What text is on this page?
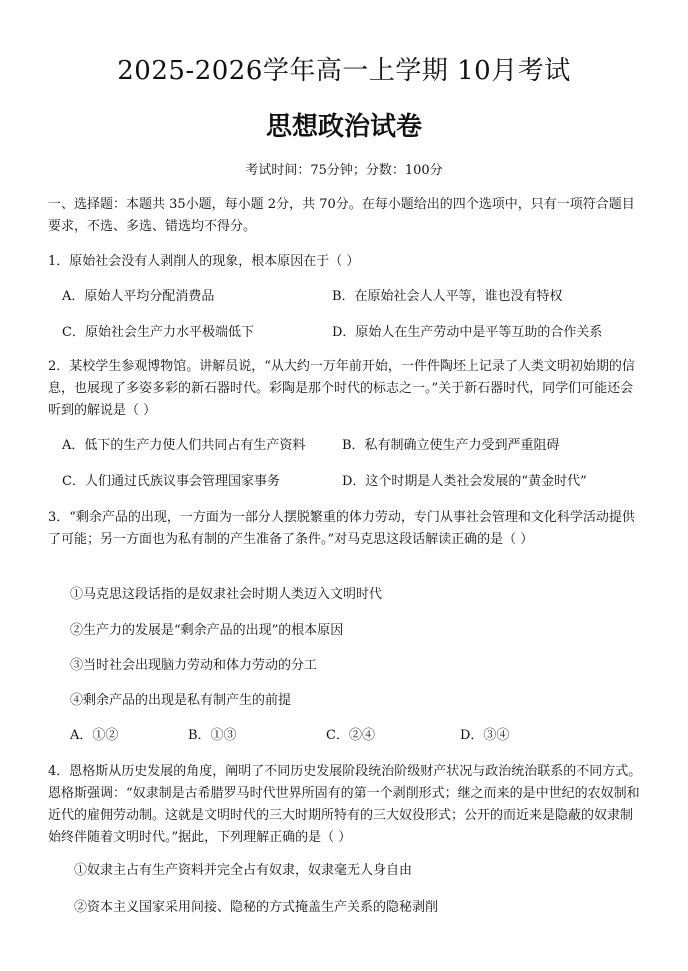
2025-2026学年高一上学期 10月考试
思想政治试卷
考试时间：75分钟；分数：100分
一、选择题：本题共 35小题，每小题 2分，共 70分。在每小题给出的四个选项中，只有一项符合题目要求，不选、多选、错选均不得分。
1．原始社会没有人剥削人的现象，根本原因在于（ ）
A．原始人平均分配消费品	B．在原始社会人人平等，谁也没有特权
C．原始社会生产力水平极端低下	D．原始人在生产劳动中是平等互助的合作关系
2．某校学生参观博物馆。讲解员说，“从大约一万年前开始，一件件陶坯上记录了人类文明初始期的信息，也展现了多姿多彩的新石器时代。彩陶是那个时代的标志之一。”关于新石器时代，同学们可能还会听到的解说是（ ）
A．低下的生产力使人们共同占有生产资料	B．私有制确立使生产力受到严重阻碍
C．人们通过氏族议事会管理国家事务	D．这个时期是人类社会发展的“黄金时代”
3．“剩余产品的出现，一方面为一部分人摆脱繁重的体力劳动，专门从事社会管理和文化科学活动提供了可能；另一方面也为私有制的产生准备了条件。”对马克思这段话解读正确的是（ ）
①马克思这段话指的是奴隶社会时期人类迈入文明时代
②生产力的发展是“剩余产品的出现”的根本原因
③当时社会出现脑力劳动和体力劳动的分工
④剩余产品的出现是私有制产生的前提
A．①②	B．①③	C．②④	D．③④
4．恩格斯从历史发展的角度，阐明了不同历史发展阶段统治阶级财产状况与政治统治联系的不同方式。恩格斯强调：“奴隶制是古希腊罗马时代世界所固有的第一个剥削形式；继之而来的是中世纪的农奴制和近代的雇佣劳动制。这就是文明时代的三大时期所特有的三大奴役形式；公开的而近来是隐蔽的奴隶制始终伴随着文明时代。”据此，下列理解正确的是（ ）
①奴隶主占有生产资料并完全占有奴隶，奴隶毫无人身自由
②资本主义国家采用间接、隐秘的方式掩盖生产关系的隐秘剥削
